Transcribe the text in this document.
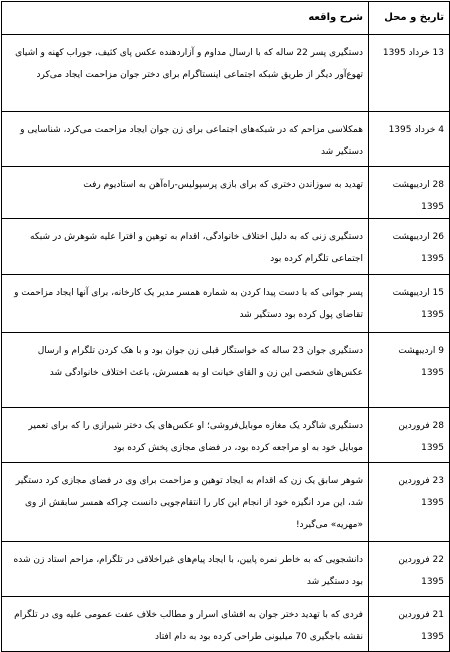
تاریخ و محل	شرح واقعه
13 خرداد 1395	دستگیری پسر 22 ساله که با ارسال مداوم و آزاردهنده عکس پای کثیف، جوراب کهنه و اشیای تهوع‌آور دیگر از طریق شبکه اجتماعی اینستاگرام برای دختر جوان مزاحمت ایجاد می‌کرد
4 خرداد 1395	همکلاسی مزاحم که در شبکه‌های اجتماعی برای زن جوان ایجاد مزاحمت می‌کرد، شناسایی و دستگیر شد
28 اردیبهشت 1395	تهدید به سوزاندن دختری که برای بازی پرسپولیس-راه‌آهن به استادیوم رفت
26 اردیبهشت 1395	دستگیری زنی که به دلیل اختلاف خانوادگی، اقدام به توهین و افترا علیه شوهرش در شبکه اجتماعی تلگرام کرده بود
15 اردیبهشت 1395	پسر جوانی که با دست پیدا کردن به شماره همسر مدیر یک کارخانه، برای آنها ایجاد مزاحمت و تقاضای پول کرده بود دستگیر شد
9 اردیبهشت 1395	دستگیری جوان 23 ساله که خواستگار قبلی زن جوان بود و با هک کردن تلگرام و ارسال عکس‌های شخصی این زن و القای خیانت او به همسرش، باعث اختلاف خانوادگی شد
28 فروردین 1395	دستگیری شاگرد یک مغازه موبایل‌فروشی؛ او عکس‌های یک دختر شیرازی را که برای تعمیر موبایل خود به او مراجعه کرده بود، در فضای مجازی پخش کرده بود
23 فروردین 1395	شوهر سابق یک زن که اقدام به ایجاد توهین و مزاحمت برای وی در فضای مجازی کرد دستگیر شد، این مرد انگیزه خود از انجام این کار را انتقام‌جویی دانست چراکه همسر سابقش از وی «مهریه» می‌گیرد!
22 فروردین 1395	دانشجویی که به خاطر نمره پایین، با ایجاد پیام‌های غیراخلاقی در تلگرام، مزاحم استاد زن شده بود دستگیر شد
21 فروردین 1395	فردی که با تهدید دختر جوان به افشای اسرار و مطالب خلاف عفت عمومی علیه وی در تلگرام نقشه باجگیری 70 میلیونی طراحی کرده بود به دام افتاد
